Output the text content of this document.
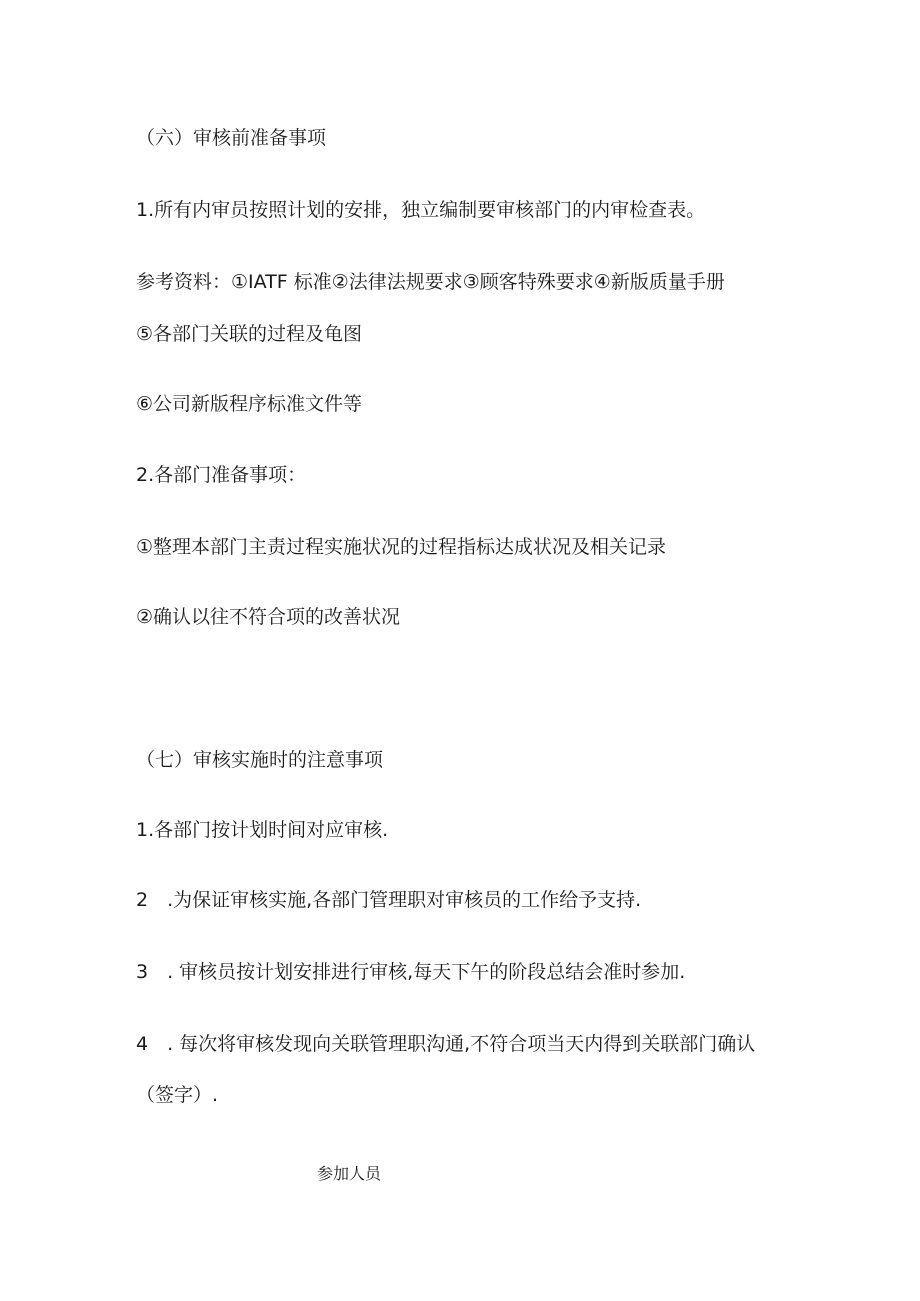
（六）审核前准备事项

1.所有内审员按照计划的安排，独立编制要审核部门的内审检查表。

参考资料：①IATF 标准②法律法规要求③顾客特殊要求④新版质量手册

⑤各部门关联的过程及龟图

⑥公司新版程序标准文件等

2.各部门准备事项：

①整理本部门主责过程实施状况的过程指标达成状况及相关记录

②确认以往不符合项的改善状况

（七）审核实施时的注意事项

1.各部门按计划时间对应审核.

2　.为保证审核实施,各部门管理职对审核员的工作给予支持.

3　. 审核员按计划安排进行审核,每天下午的阶段总结会准时参加.

4　. 每次将审核发现向关联管理职沟通,不符合项当天内得到关联部门确认

（签字）.

参加人员
